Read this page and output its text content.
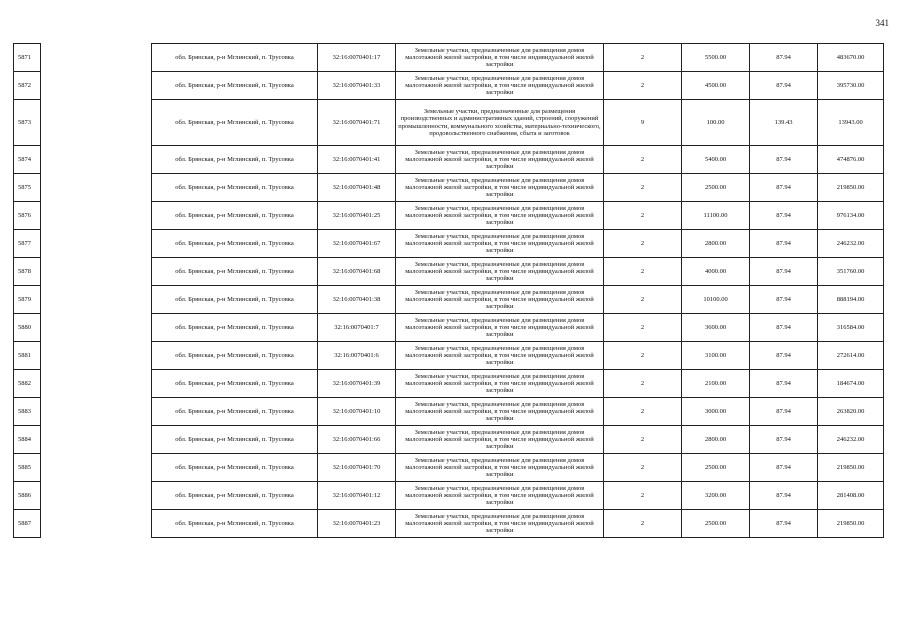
341
5871		обл. Брянская, р-н Мглинский, п. Трусовка	32:16:0070401:17	Земельные участки, предназначенные для размещения домов малоэтажной жилой застройки, в том числе индивидуальной жилой застройки	2	5500.00	87.94	483670.00
5872		обл. Брянская, р-н Мглинский, п. Трусовка	32:16:0070401:33	Земельные участки, предназначенные для размещения домов малоэтажной жилой застройки, в том числе индивидуальной жилой застройки	2	4500.00	87.94	395730.00
5873		обл. Брянская, р-н Мглинский, п. Трусовка	32:16:0070401:71	Земельные участки, предназначенные для размещения производственных и административных зданий, строений, сооружений промышленности, коммунального хозяйства, материально-технического, продовольственного снабжения, сбыта и заготовок	9	100.00	139.43	13943.00
5874		обл. Брянская, р-н Мглинский, п. Трусовка	32:16:0070401:41	Земельные участки, предназначенные для размещения домов малоэтажной жилой застройки, в том числе индивидуальной жилой застройки	2	5400.00	87.94	474876.00
5875		обл. Брянская, р-н Мглинский, п. Трусовка	32:16:0070401:48	Земельные участки, предназначенные для размещения домов малоэтажной жилой застройки, в том числе индивидуальной жилой застройки	2	2500.00	87.94	219850.00
5876		обл. Брянская, р-н Мглинский, п. Трусовка	32:16:0070401:25	Земельные участки, предназначенные для размещения домов малоэтажной жилой застройки, в том числе индивидуальной жилой застройки	2	11100.00	87.94	976134.00
5877		обл. Брянская, р-н Мглинский, п. Трусовка	32:16:0070401:67	Земельные участки, предназначенные для размещения домов малоэтажной жилой застройки, в том числе индивидуальной жилой застройки	2	2800.00	87.94	246232.00
5878		обл. Брянская, р-н Мглинский, п. Трусовка	32:16:0070401:68	Земельные участки, предназначенные для размещения домов малоэтажной жилой застройки, в том числе индивидуальной жилой застройки	2	4000.00	87.94	351760.00
5879		обл. Брянская, р-н Мглинский, п. Трусовка	32:16:0070401:38	Земельные участки, предназначенные для размещения домов малоэтажной жилой застройки, в том числе индивидуальной жилой застройки	2	10100.00	87.94	888194.00
5880		обл. Брянская, р-н Мглинский, п. Трусовка	32:16:0070401:7	Земельные участки, предназначенные для размещения домов малоэтажной жилой застройки, в том числе индивидуальной жилой застройки	2	3600.00	87.94	316584.00
5881		обл. Брянская, р-н Мглинский, п. Трусовка	32:16:0070401:6	Земельные участки, предназначенные для размещения домов малоэтажной жилой застройки, в том числе индивидуальной жилой застройки	2	3100.00	87.94	272614.00
5882		обл. Брянская, р-н Мглинский, п. Трусовка	32:16:0070401:39	Земельные участки, предназначенные для размещения домов малоэтажной жилой застройки, в том числе индивидуальной жилой застройки	2	2100.00	87.94	184674.00
5883		обл. Брянская, р-н Мглинский, п. Трусовка	32:16:0070401:10	Земельные участки, предназначенные для размещения домов малоэтажной жилой застройки, в том числе индивидуальной жилой застройки	2	3000.00	87.94	263820.00
5884		обл. Брянская, р-н Мглинский, п. Трусовка	32:16:0070401:66	Земельные участки, предназначенные для размещения домов малоэтажной жилой застройки, в том числе индивидуальной жилой застройки	2	2800.00	87.94	246232.00
5885		обл. Брянская, р-н Мглинский, п. Трусовка	32:16:0070401:70	Земельные участки, предназначенные для размещения домов малоэтажной жилой застройки, в том числе индивидуальной жилой застройки	2	2500.00	87.94	219850.00
5886		обл. Брянская, р-н Мглинский, п. Трусовка	32:16:0070401:12	Земельные участки, предназначенные для размещения домов малоэтажной жилой застройки, в том числе индивидуальной жилой застройки	2	3200.00	87.94	281408.00
5887		обл. Брянская, р-н Мглинский, п. Трусовка	32:16:0070401:23	Земельные участки, предназначенные для размещения домов малоэтажной жилой застройки, в том числе индивидуальной жилой застройки	2	2500.00	87.94	219850.00
